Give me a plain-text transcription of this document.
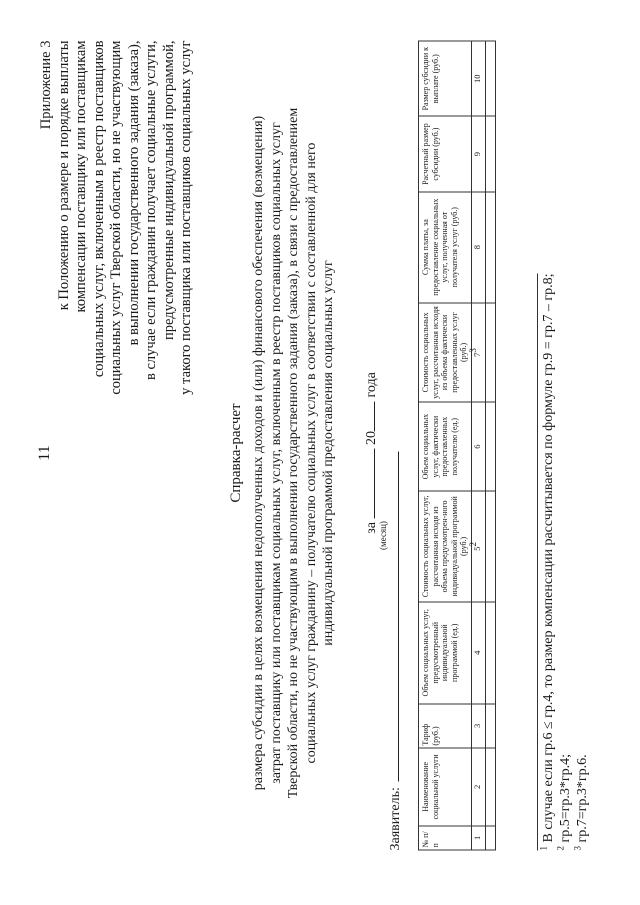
11
Приложение 3 к Положению о размере и порядке выплаты компенсации поставщику или поставщикам социальных услуг, включенным в реестр поставщиков социальных услуг Тверской области, но не участвующим в выполнении государственного задания (заказа), в случае если гражданин получает социальные услуги, предусмотренные индивидуальной программой, у такого поставщика или поставщиков социальных услуг
Справка-расчет размера субсидии в целях возмещения недополученных доходов и (или) финансового обеспечения (возмещения) затрат поставщику или поставщикам социальных услуг, включенным в реестр поставщиков социальных услуг Тверской области, но не участвующим в выполнении государственного задания (заказа), в связи с предоставлением социальных услуг гражданину – получателю социальных услуг в соответствии с составленной для него индивидуальной программой предоставления социальных услуг за  20 года
(месяц)
Заявитель: № п/п	Наименование социальной услуги	Тариф (руб.)	Объем социальных услуг, предусмотренный индивидуальной программой (ед.)	Стоимость социальных услуг, рассчитанная исходя из объема предусмотрен-ного индивидуальной программой (руб.)	Объем социальных услуг, фактически предоставленных получателю (ед.)	Стоимость социальных услуг, рассчитанная исходя из объема фактически предоставленных услуг (руб.)	Сумма платы, за предоставление социальных услуг, полученная от получателя услуг (руб.)	Расчетный размер субсидии (руб.)	Размер субсидии к выплате (руб.)
1	2	3	4	$5^2$	6	$7^3$	8	9	10

$^1$ В случае если гр.6 ≤ гр.4, то размер компенсации рассчитывается по формуле гр.9 = гр.7 – гр.8;
$^2$ гр.5=гр.3*гр.4;
$^3$ гр.7=гр.3*гр.6.
